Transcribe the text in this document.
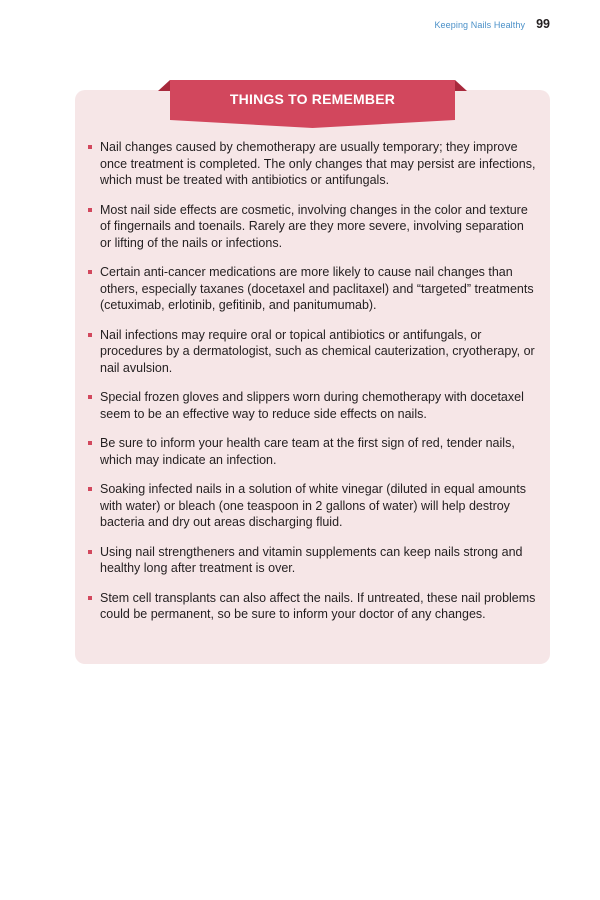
Keeping Nails Healthy 99
THINGS TO REMEMBER
Nail changes caused by chemotherapy are usually temporary; they improve once treatment is completed. The only changes that may persist are infections, which must be treated with antibiotics or antifungals.
Most nail side effects are cosmetic, involving changes in the color and texture of fingernails and toenails. Rarely are they more severe, involving separation or lifting of the nails or infections.
Certain anti-cancer medications are more likely to cause nail changes than others, especially taxanes (docetaxel and paclitaxel) and “targeted” treatments (cetuximab, erlotinib, gefitinib, and panitumumab).
Nail infections may require oral or topical antibiotics or antifungals, or procedures by a dermatologist, such as chemical cauterization, cryotherapy, or nail avulsion.
Special frozen gloves and slippers worn during chemotherapy with docetaxel seem to be an effective way to reduce side effects on nails.
Be sure to inform your health care team at the first sign of red, tender nails, which may indicate an infection.
Soaking infected nails in a solution of white vinegar (diluted in equal amounts with water) or bleach (one teaspoon in 2 gallons of water) will help destroy bacteria and dry out areas discharging fluid.
Using nail strengtheners and vitamin supplements can keep nails strong and healthy long after treatment is over.
Stem cell transplants can also affect the nails. If untreated, these nail problems could be permanent, so be sure to inform your doctor of any changes.
